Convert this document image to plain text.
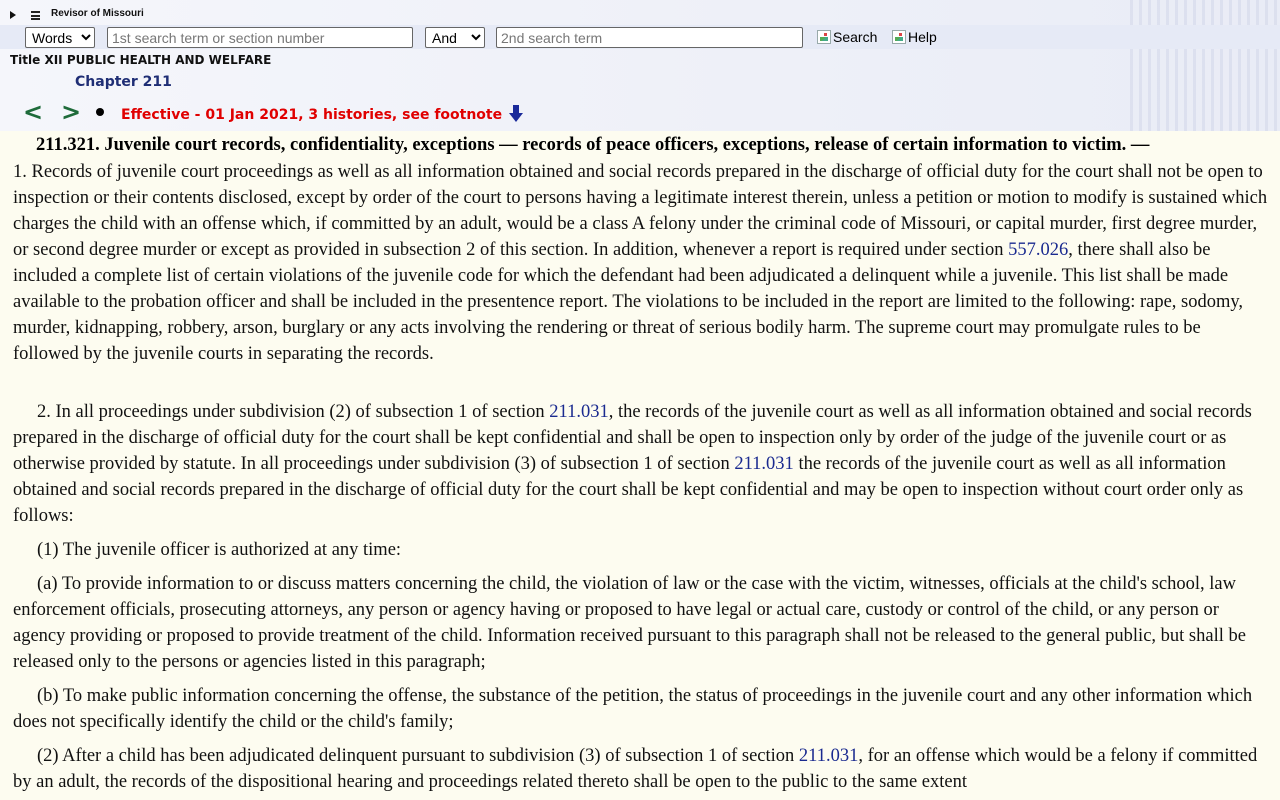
Revisor of Missouri
Words
1st search term or section number
And
2nd search term
Search Help
Title XII PUBLIC HEALTH AND WELFARE
Chapter 211
< >	Effective - 01 Jan 2021, 3 histories, see footnote
211.321. Juvenile court records, confidentiality, exceptions — records of peace officers, exceptions, release of certain information to victim. —

1. Records of juvenile court proceedings as well as all information obtained and social records prepared in the discharge of official duty for the court shall not be open to inspection or their contents disclosed, except by order of the court to persons having a legitimate interest therein, unless a petition or motion to modify is sustained which charges the child with an offense which, if committed by an adult, would be a class A felony under the criminal code of Missouri, or capital murder, first degree murder, or second degree murder or except as provided in subsection 2 of this section. In addition, whenever a report is required under section 557.026, there shall also be included a complete list of certain violations of the juvenile code for which the defendant had been adjudicated a delinquent while a juvenile. This list shall be made available to the probation officer and shall be included in the presentence report. The violations to be included in the report are limited to the following: rape, sodomy, murder, kidnapping, robbery, arson, burglary or any acts involving the rendering or threat of serious bodily harm. The supreme court may promulgate rules to be followed by the juvenile courts in separating the records.

2. In all proceedings under subdivision (2) of subsection 1 of section 211.031, the records of the juvenile court as well as all information obtained and social records prepared in the discharge of official duty for the court shall be kept confidential and shall be open to inspection only by order of the judge of the juvenile court or as otherwise provided by statute. In all proceedings under subdivision (3) of subsection 1 of section 211.031 the records of the juvenile court as well as all information obtained and social records prepared in the discharge of official duty for the court shall be kept confidential and may be open to inspection without court order only as follows:

(1) The juvenile officer is authorized at any time:

(a) To provide information to or discuss matters concerning the child, the violation of law or the case with the victim, witnesses, officials at the child's school, law enforcement officials, prosecuting attorneys, any person or agency having or proposed to have legal or actual care, custody or control of the child, or any person or agency providing or proposed to provide treatment of the child. Information received pursuant to this paragraph shall not be released to the general public, but shall be released only to the persons or agencies listed in this paragraph;

(b) To make public information concerning the offense, the substance of the petition, the status of proceedings in the juvenile court and any other information which does not specifically identify the child or the child's family;

(2) After a child has been adjudicated delinquent pursuant to subdivision (3) of subsection 1 of section 211.031, for an offense which would be a felony if committed by an adult, the records of the dispositional hearing and proceedings related thereto shall be open to the public to the same extent
